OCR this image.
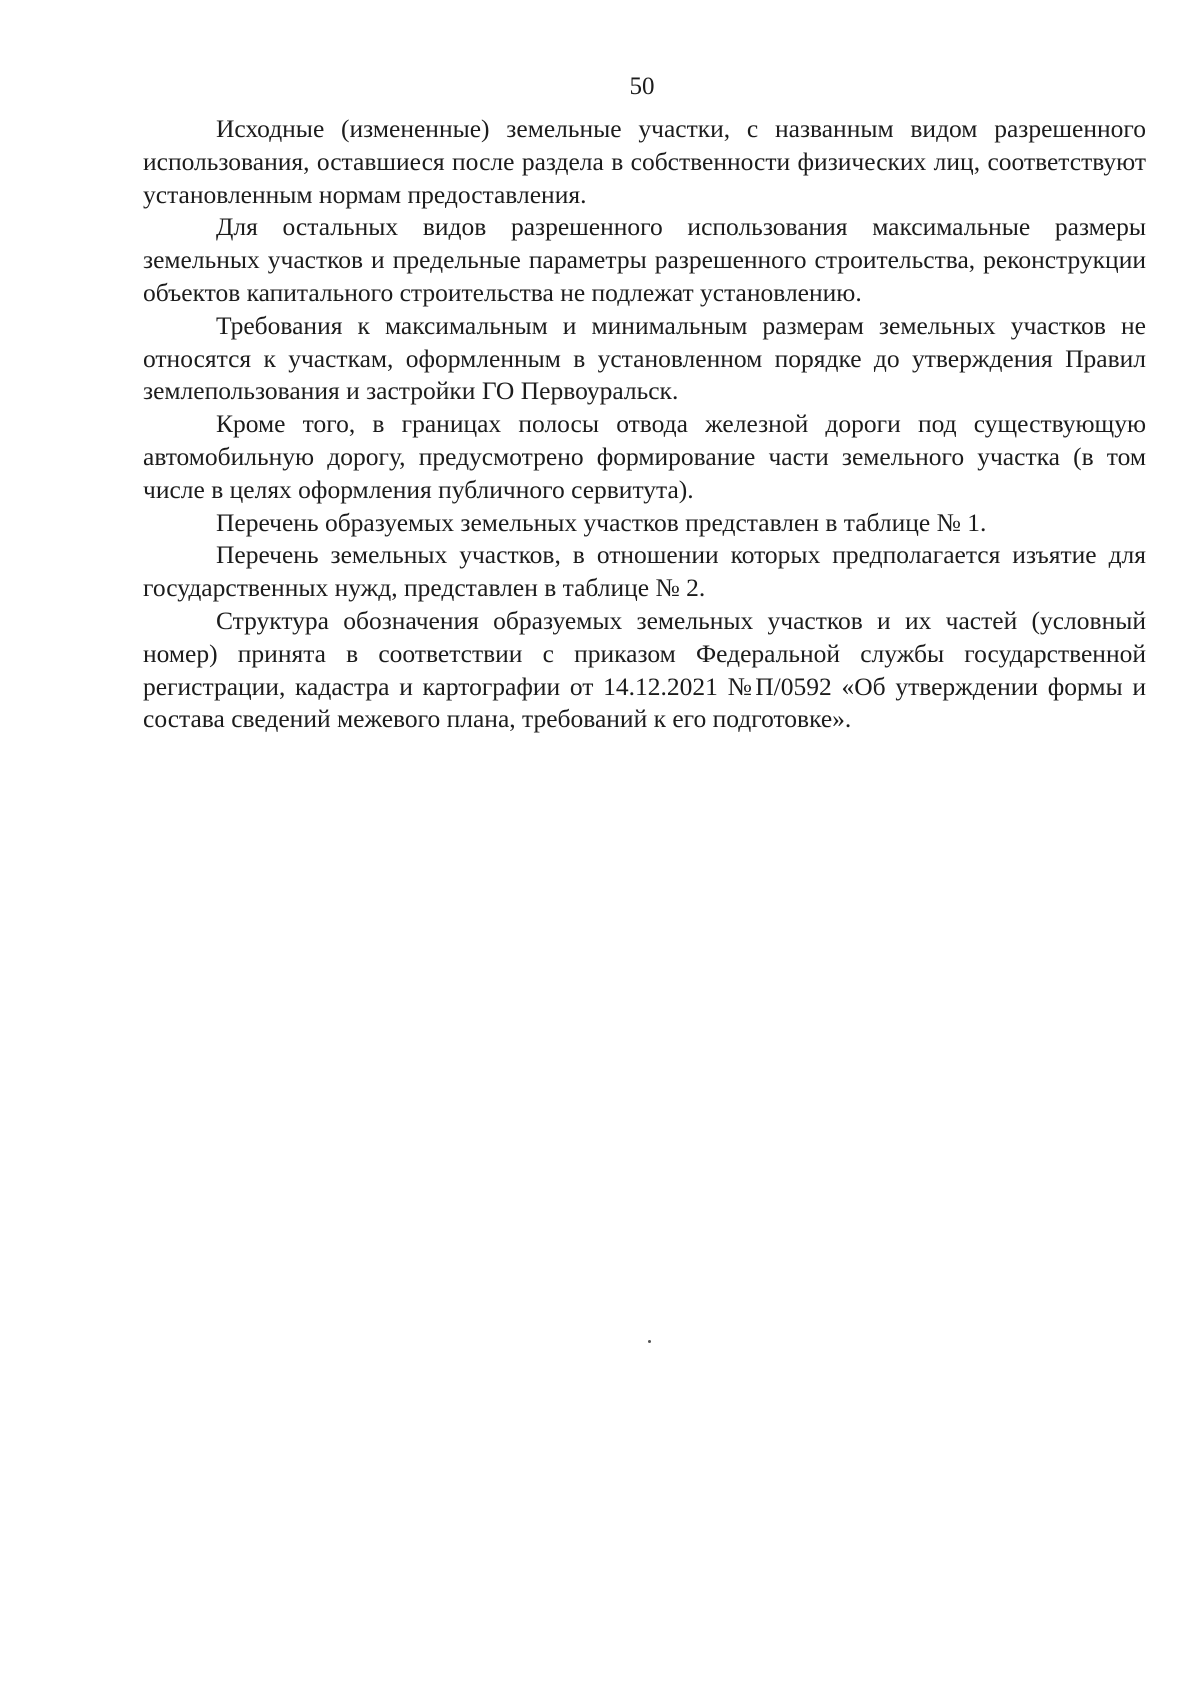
50

Исходные (измененные) земельные участки, с названным видом разрешенного использования, оставшиеся после раздела в собственности физических лиц, соответствуют установленным нормам предоставления.

Для остальных видов разрешенного использования максимальные размеры земельных участков и предельные параметры разрешенного строительства, реконструкции объектов капитального строительства не подлежат установлению.

Требования к максимальным и минимальным размерам земельных участков не относятся к участкам, оформленным в установленном порядке до утверждения Правил землепользования и застройки ГО Первоуральск.

Кроме того, в границах полосы отвода железной дороги под существующую автомобильную дорогу, предусмотрено формирование части земельного участка (в том числе в целях оформления публичного сервитута).

Перечень образуемых земельных участков представлен в таблице № 1.

Перечень земельных участков, в отношении которых предполагается изъятие для государственных нужд, представлен в таблице № 2.

Структура обозначения образуемых земельных участков и их частей (условный номер) принята в соответствии с приказом Федеральной службы государственной регистрации, кадастра и картографии от 14.12.2021 №П/0592 «Об утверждении формы и состава сведений межевого плана, требований к его подготовке».
